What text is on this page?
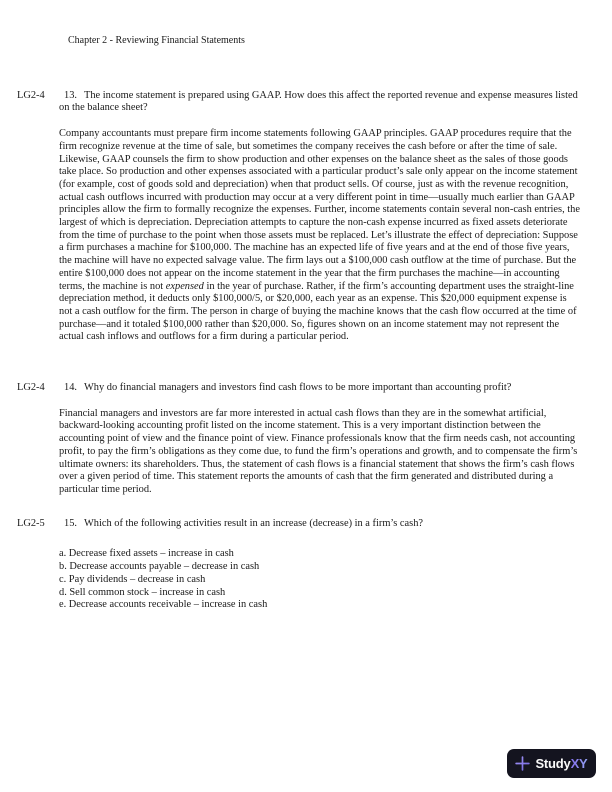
Chapter 2 - Reviewing Financial Statements
LG2-4	13. The income statement is prepared using GAAP. How does this affect the reported revenue and expense measures listed on the balance sheet?

Company accountants must prepare firm income statements following GAAP principles. GAAP procedures require that the firm recognize revenue at the time of sale, but sometimes the company receives the cash before or after the time of sale. Likewise, GAAP counsels the firm to show production and other expenses on the balance sheet as the sales of those goods take place. So production and other expenses associated with a particular product’s sale only appear on the income statement (for example, cost of goods sold and depreciation) when that product sells. Of course, just as with the revenue recognition, actual cash outflows incurred with production may occur at a very different point in time—usually much earlier than GAAP principles allow the firm to formally recognize the expenses. Further, income statements contain several non-cash entries, the largest of which is depreciation. Depreciation attempts to capture the non-cash expense incurred as fixed assets deteriorate from the time of purchase to the point when those assets must be replaced. Let’s illustrate the effect of depreciation: Suppose a firm purchases a machine for $100,000. The machine has an expected life of five years and at the end of those five years, the machine will have no expected salvage value. The firm lays out a $100,000 cash outflow at the time of purchase. But the entire $100,000 does not appear on the income statement in the year that the firm purchases the machine—in accounting terms, the machine is not expensed in the year of purchase. Rather, if the firm’s accounting department uses the straight-line depreciation method, it deducts only $100,000/5, or $20,000, each year as an expense. This $20,000 equipment expense is not a cash outflow for the firm. The person in charge of buying the machine knows that the cash flow occurred at the time of purchase—and it totaled $100,000 rather than $20,000. So, figures shown on an income statement may not represent the actual cash inflows and outflows for a firm during a particular period.

LG2-4	14. Why do financial managers and investors find cash flows to be more important than accounting profit?

Financial managers and investors are far more interested in actual cash flows than they are in the somewhat artificial, backward-looking accounting profit listed on the income statement. This is a very important distinction between the accounting point of view and the finance point of view. Finance professionals know that the firm needs cash, not accounting profit, to pay the firm’s obligations as they come due, to fund the firm’s operations and growth, and to compensate the firm’s ultimate owners: its shareholders. Thus, the statement of cash flows is a financial statement that shows the firm’s cash flows over a given period of time. This statement reports the amounts of cash that the firm generated and distributed during a particular time period.

LG2-5	15. Which of the following activities result in an increase (decrease) in a firm’s cash?

a. Decrease fixed assets – increase in cash

b. Decrease accounts payable – decrease in cash

c. Pay dividends – decrease in cash

d. Sell common stock – increase in cash

e. Decrease accounts receivable – increase in cash

StudyXY
